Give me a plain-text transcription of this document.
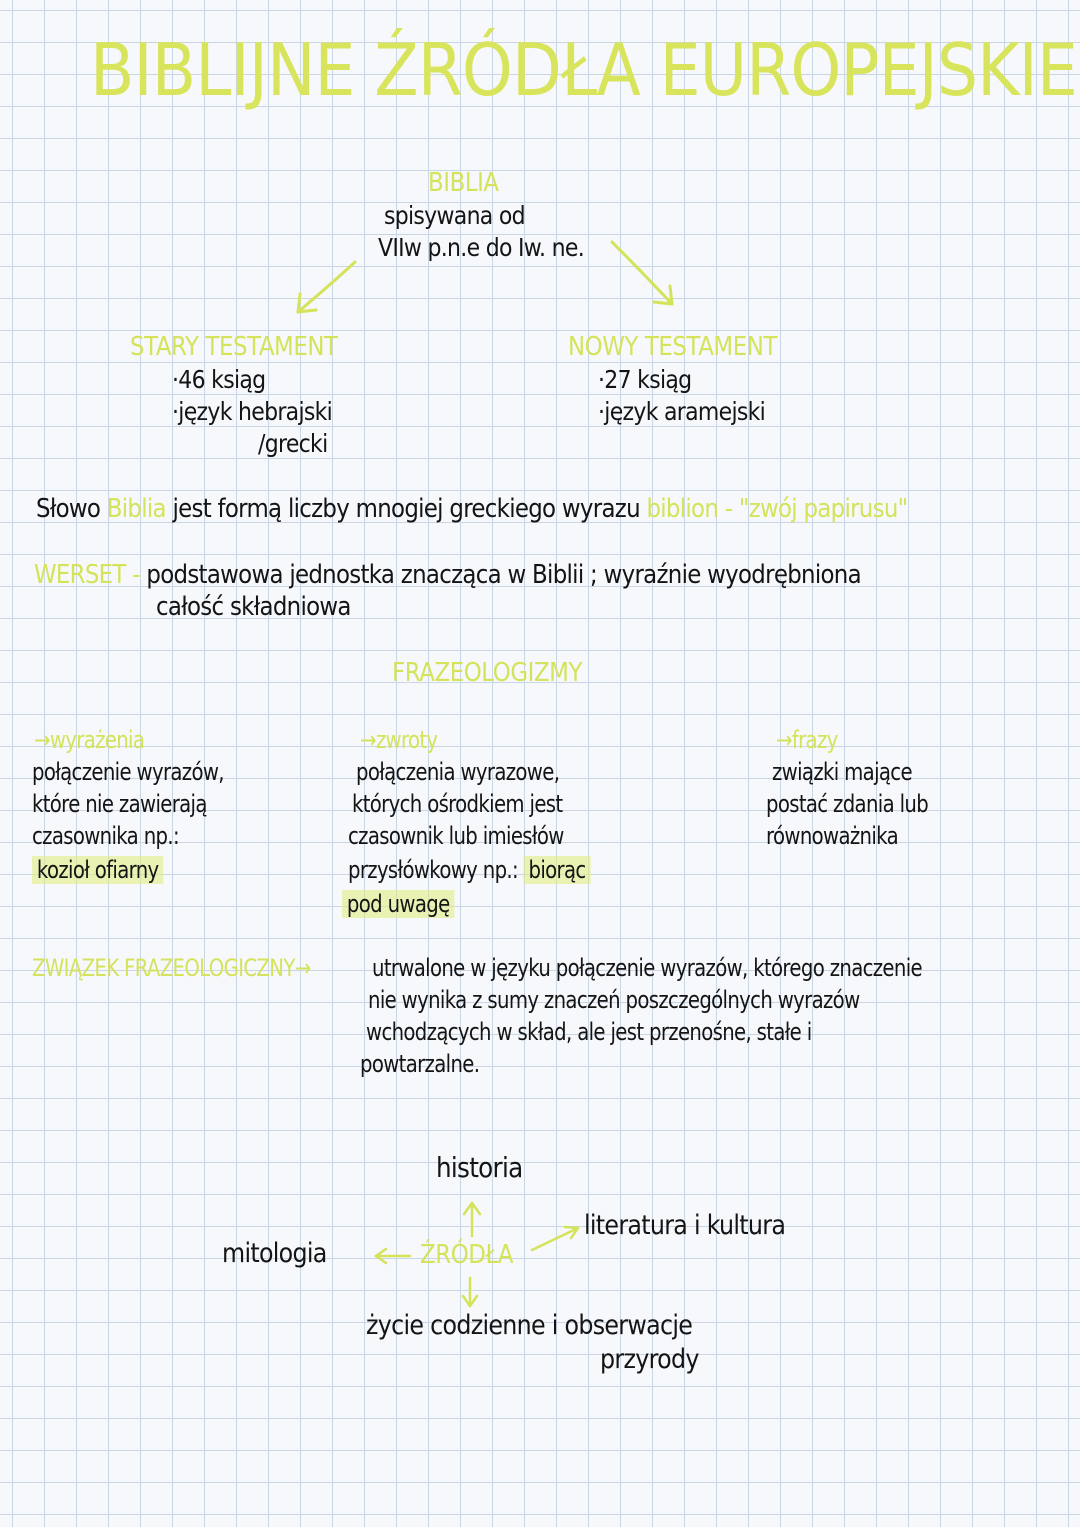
BIBLIJNE ŹRÓDŁA EUROPEJSKIE
BIBLIA
spisywana od
VIIw p.n.e do Iw. ne.
STARY TESTAMENT
·46 ksiąg
·język hebrajski
/grecki
NOWY TESTAMENT
·27 ksiąg
·język aramejski
Słowo Biblia jest formą liczby mnogiej greckiego wyrazu biblion - "zwój papirusu"
WERSET - podstawowa jednostka znacząca w Biblii ; wyraźnie wyodrębniona
całość składniowa
FRAZEOLOGIZMY
→wyrażenia
połączenie wyrazów,
które nie zawierają
czasownika np.:
kozioł ofiarny
→zwroty
połączenia wyrazowe,
których ośrodkiem jest
czasownik lub imiesłów
przysłówkowy np.: biorąc
pod uwagę
→frazy
związki mające
postać zdania lub
równoważnika
ZWIĄZEK FRAZEOLOGICZNY→	utrwalone w języku połączenie wyrazów, którego znaczenie
nie wynika z sumy znaczeń poszczególnych wyrazów
wchodzących w skład, ale jest przenośne, stałe i
powtarzalne.
historia
literatura i kultura
mitologia	ŹRÓDŁA
życie codzienne i obserwacje
przyrody
